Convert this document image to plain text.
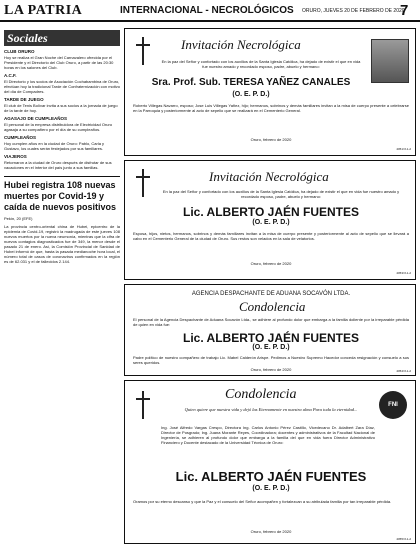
LA PATRIA	INTERNACIONAL - NECROLÓGICOS ORURO, JUEVES 20 DE FEBRERO DE 2020
7
Sociales
CLUB ORURO
Hoy se realiza el Gran Noche del Carnavalero ofrecida por el Presidente y el Directorio del Club Oruro, a partir de las 20:30 horas en los salones del Club.
A.C.F.
El Directorio y los socios de Asociación Cochabambina de Oruro, efectúan hoy la tradicional Tarde de Confraternización con motivo del día de Compadres.
TARDE DE JUEGO
El club de Tenis Bolívar invita a sus socios a la jornada de juego de la tarde de hoy.
AGASAJO DE CUMPLEAÑOS
El personal de la empresa distribuidora de Electricidad Oruro agasaja a su compañero por el día de su cumpleaños.
CUMPLEAÑOS
Hoy cumplen años en la ciudad de Oruro: Pablo, Carla y Gustavo, los cuales serán festejados por sus familiares.
VIAJEROS
Retornaron a la ciudad de Oruro después de disfrutar de sus vacaciones en el interior del país junto a sus familias.
Hubei registra 108 nuevas muertes por Covid-19 y caída de nuevos positivos
Pekín, 20 (EFE)
La provincia centro-oriental china de Hubei, epicentro de la epidemia de Covid-19, registró la madrugada de este jueves 108 nuevos muertos por la nueva neumonía, mientras que la cifra de nuevos contagios diagnosticados fue de 349, la menor desde el pasado 21 de enero. Así, la Comisión Provincial de Sanidad de Hubei informó de que, hasta la pasada medianoche hora local, el número total de casos de coronavirus confirmados en la región es de 62.031 y el de fallecidos 2.144.
Invitación Necrológica
En la paz del Señor y confortado con los auxilios de la Santa Iglesia Católica, ha dejado de existir el que en vida fue nuestro amado y recordado esposo, padre, abuelo y hermano:
Sra. Prof. Sub. TERESA YAÑEZ CANALES
(O. E. P. D.)
Roberto Villegas Navarro, esposo; Jose Luis Villegas Yañez, hijo; hermanos, sobrinos y demás familiares invitan a la misa de cuerpo presente a celebrarse en la Parroquia y posteriormente al acto de sepelio que se realizará en el Cementerio General.
Oruro, febrero de 2020
4051/rf-1-2
Invitación Necrológica
En la paz del Señor y confortado con los auxilios de la Santa Iglesia Católica, ha dejado de existir el que en vida fue nuestro amado y recordado esposo, padre, abuelo y hermano:
Lic. ALBERTO JAÉN FUENTES
(O. E. P. D.)
Esposa, hijos, nietos, hermanos, sobrinos y demás familiares invitan a la misa de cuerpo presente y posteriormente al acto de sepelio que se llevará a cabo en el Cementerio General de la ciudad de Oruro. Sus restos son velados en la sala de velatorios.
Oruro, febrero de 2020
4053/rf-1-2
AGENCIA DESPACHANTE DE ADUANA SOCAVÓN LTDA.
Condolencia
El personal de la Agencia Despachante de Aduana Socavón Ltda., se adhiere al profundo dolor que embarga a la familia doliente por la irreparable pérdida de quien en vida fue:
Lic. ALBERTO JAÉN FUENTES
(O. E. P. D.)
Padre político de nuestro compañero de trabajo Lic. Mabel Calderón Arispe. Pedimos a Nuestro Supremo Hacedor conceda resignación y consuelo a sus seres queridos.
Oruro, febrero de 2020	4054/rf-1-2
Condolencia
FNI
Quien quiere que nuestra vida y dejó las Eternamente en nuestra alma Para toda la eternidad...
Ing. José Alfredo Vargas Crespo, Directora Ing. Carlos Antonio Pérez Castillo, Vicedecano Dr. Adalbert Zara Díaz, Director de Posgrado; Ing. Juana Morante Reyes, Coordinadora; docentes y administrativos de la Facultad Nacional de Ingeniería, se adhieren al profundo dolor que embarga a la familia del que en vida fuera Director Administrativo Financiero y Docente destacado de la Universidad Técnica de Oruro:
Lic. ALBERTO JAÉN FUENTES
(O. E. P. D.)
Oramos por su eterno descanso y que la Paz y el consuelo del Señor acompañen y fortalezcan a su atribulada familia por tan irreparable pérdida.
Oruro, febrero de 2020
4055/rf-1-2
